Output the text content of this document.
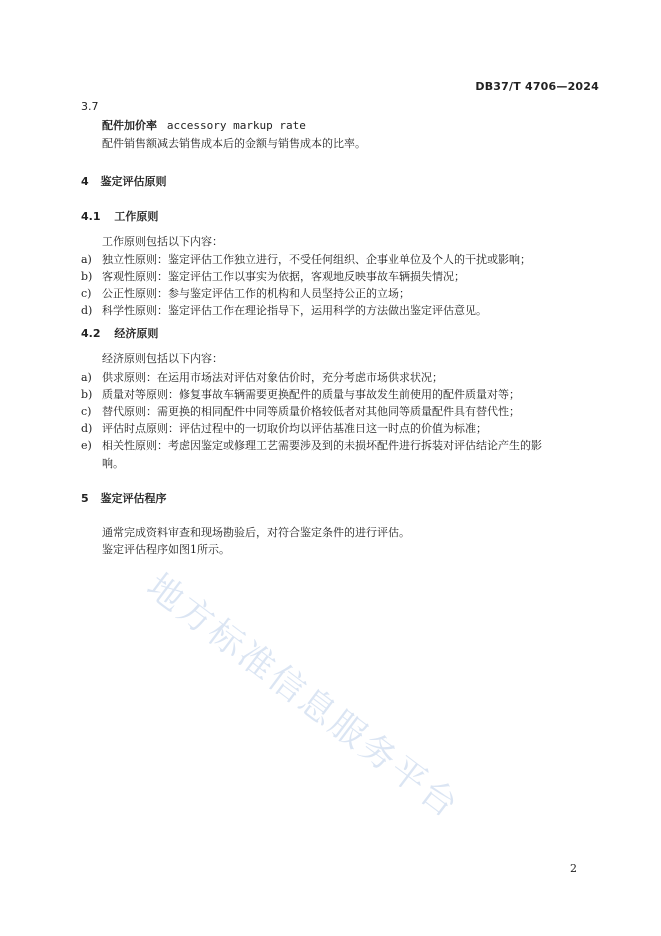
地方标准信息服务平台
DB37/T 4706—2024
3.7
配件加价率 accessory markup rate
配件销售额减去销售成本后的金额与销售成本的比率。
4 鉴定评估原则
4.1 工作原则
工作原则包括以下内容：
a) 独立性原则：鉴定评估工作独立进行，不受任何组织、企事业单位及个人的干扰或影响；
b) 客观性原则：鉴定评估工作以事实为依据，客观地反映事故车辆损失情况；
c) 公正性原则：参与鉴定评估工作的机构和人员坚持公正的立场；
d) 科学性原则：鉴定评估工作在理论指导下，运用科学的方法做出鉴定评估意见。
4.2 经济原则
经济原则包括以下内容：
a) 供求原则：在运用市场法对评估对象估价时，充分考虑市场供求状况；
b) 质量对等原则：修复事故车辆需要更换配件的质量与事故发生前使用的配件质量对等；
c) 替代原则：需更换的相同配件中同等质量价格较低者对其他同等质量配件具有替代性；
d) 评估时点原则：评估过程中的一切取价均以评估基准日这一时点的价值为标准；
e) 相关性原则：考虑因鉴定或修理工艺需要涉及到的未损坏配件进行拆装对评估结论产生的影
响。
5 鉴定评估程序
通常完成资料审查和现场勘验后，对符合鉴定条件的进行评估。
鉴定评估程序如图1所示。
2
